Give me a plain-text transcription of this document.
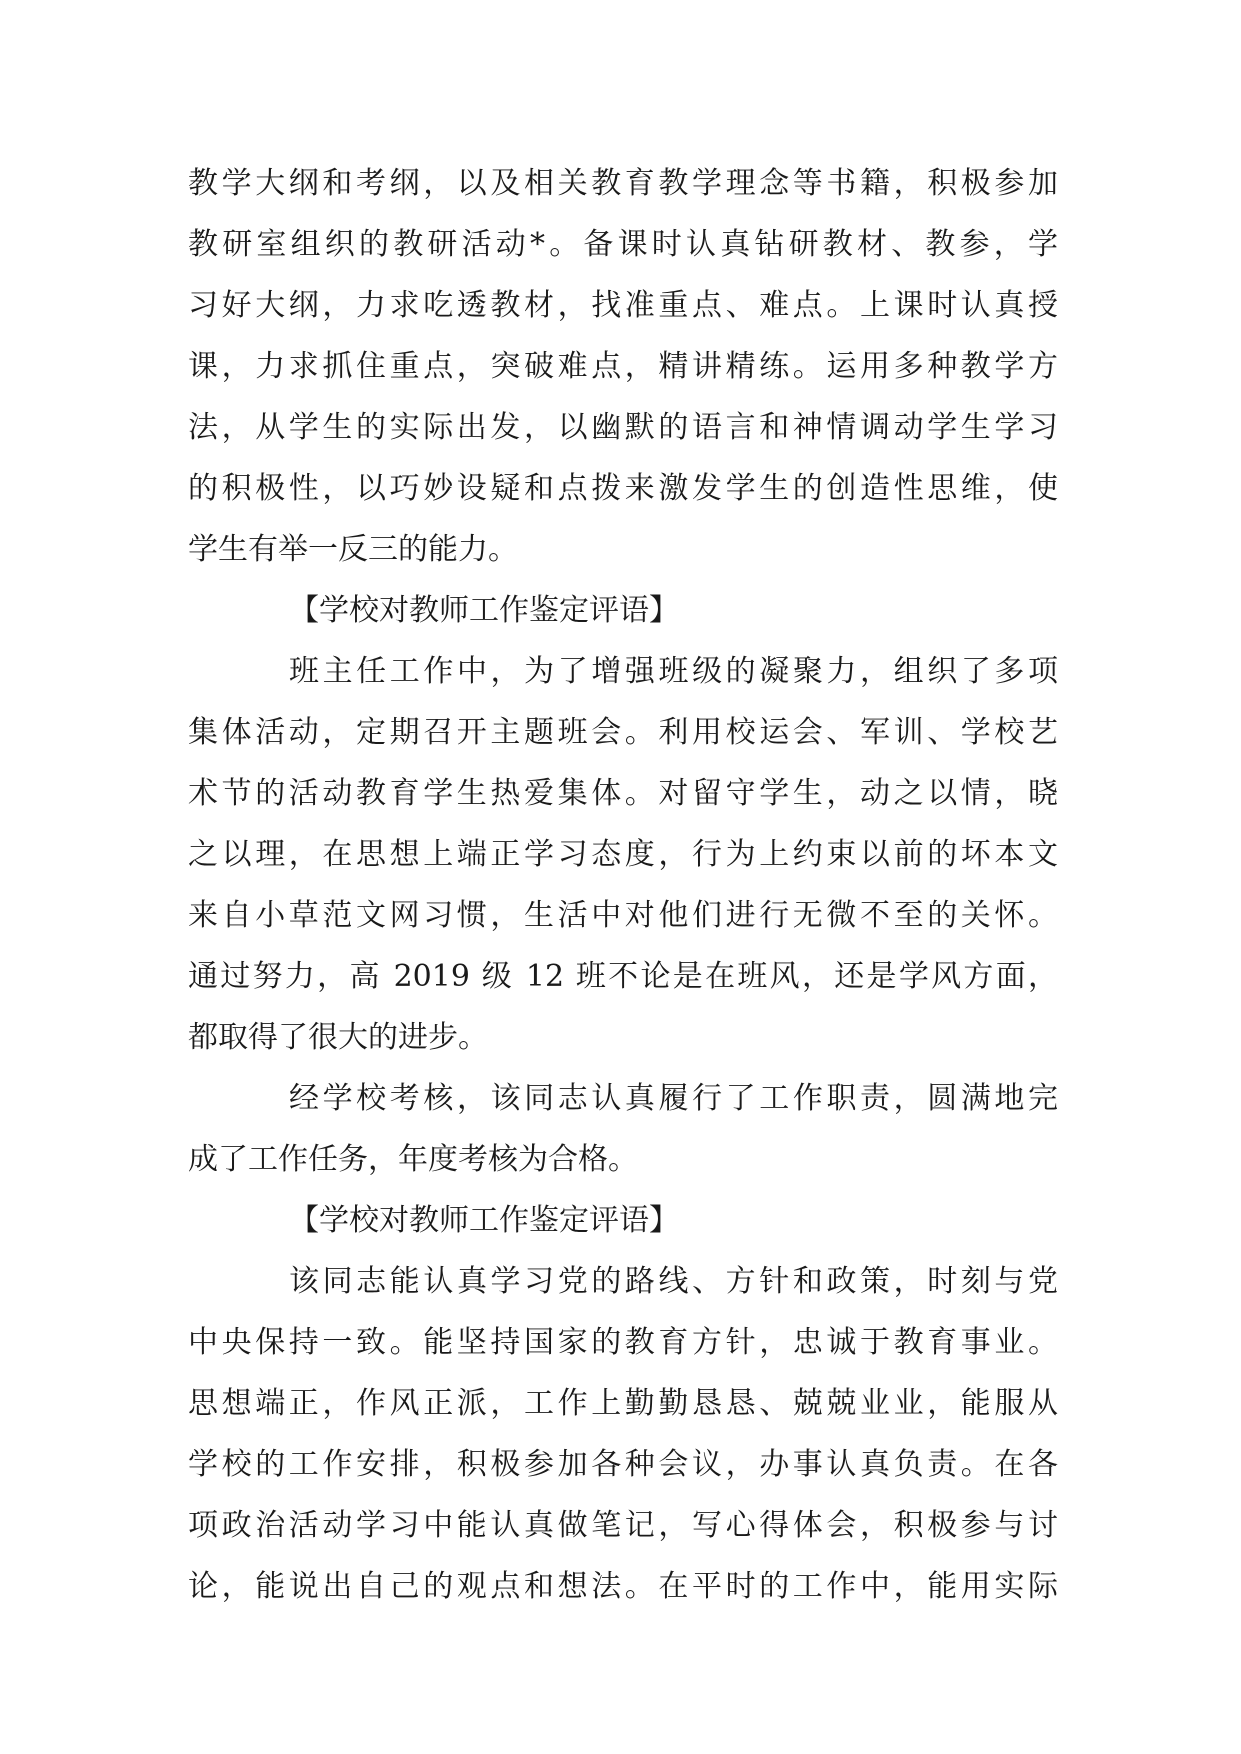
教学大纲和考纲，以及相关教育教学理念等书籍，积极参加
教研室组织的教研活动*。备课时认真钻研教材、教参，学
习好大纲，力求吃透教材，找准重点、难点。上课时认真授
课，力求抓住重点，突破难点，精讲精练。运用多种教学方
法，从学生的实际出发，以幽默的语言和神情调动学生学习
的积极性，以巧妙设疑和点拨来激发学生的创造性思维，使
学生有举一反三的能力。
【学校对教师工作鉴定评语】
班主任工作中，为了增强班级的凝聚力，组织了多项
集体活动，定期召开主题班会。利用校运会、军训、学校艺
术节的活动教育学生热爱集体。对留守学生，动之以情，晓
之以理，在思想上端正学习态度，行为上约束以前的坏本文
来自小草范文网习惯，生活中对他们进行无微不至的关怀。
通过努力，高 2019 级 12 班不论是在班风，还是学风方面，
都取得了很大的进步。
经学校考核，该同志认真履行了工作职责，圆满地完
成了工作任务，年度考核为合格。
【学校对教师工作鉴定评语】
该同志能认真学习党的路线、方针和政策，时刻与党
中央保持一致。能坚持国家的教育方针，忠诚于教育事业。
思想端正，作风正派，工作上勤勤恳恳、兢兢业业，能服从
学校的工作安排，积极参加各种会议，办事认真负责。在各
项政治活动学习中能认真做笔记，写心得体会，积极参与讨
论，能说出自己的观点和想法。在平时的工作中，能用实际
